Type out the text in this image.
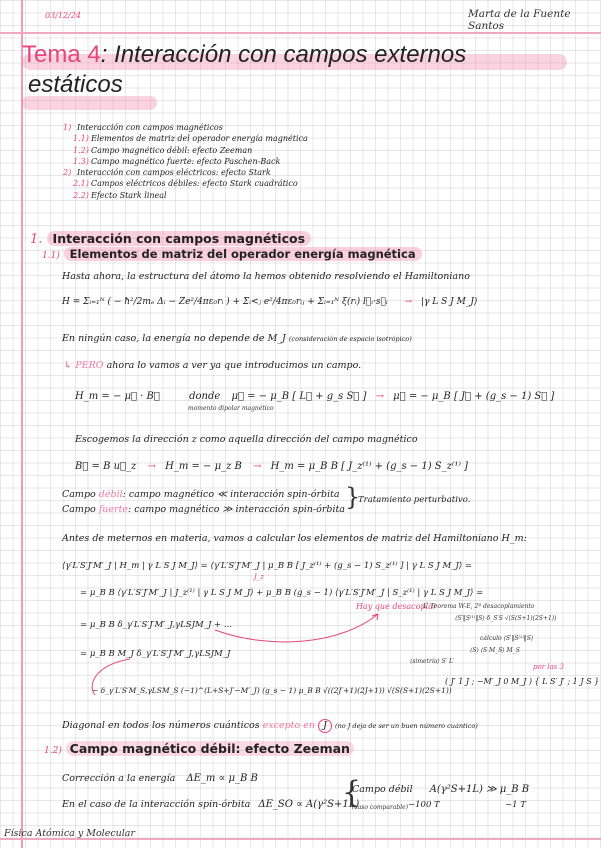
03/12/24	Marta de la Fuente Santos
Tema 4: Interacción con campos externos
estáticos
1) Interacción con campos magnéticos
1.1) Elementos de matriz del operador energía magnética
1.2) Campo magnético débil: efecto Zeeman
1.3) Campo magnético fuerte: efecto Paschen-Back
2) Interacción con campos eléctricos: efecto Stark
2.1) Campos eléctricos débiles: efecto Stark cuadrático
2.2) Efecto Stark lineal
1. Interacción con campos magnéticos
1.1) Elementos de matriz del operador energía magnética
Hasta ahora, la estructura del átomo la hemos obtenido resolviendo el Hamiltoniano
H = Σᵢ₌₁ᴺ ( − ħ²/2mₑ Δᵢ − Ze²/4πε₀rᵢ ) + Σᵢ<ⱼ e²/4πε₀rᵢⱼ + Σᵢ₌₁ᴺ ξ(rᵢ) l⃗ᵢ·s⃗ᵢ → |γ L S J M_J⟩
En ningún caso, la energía no depende de M_J (consideración de espacio isotrópico)
↳ PERO ahora lo vamos a ver ya que introducimos un campo.
H_m = − μ⃗ · B⃗	donde μ⃗ = − μ_B [ L⃗ + g_s S⃗ ] → μ⃗ = − μ_B [ J⃗ + (g_s − 1) S⃗ ]
momento dipolar magnético
Escogemos la dirección z como aquella dirección del campo magnético
B⃗ = B u⃗_z → H_m = − μ_z B → H_m = μ_B B [ J_z⁽¹⁾ + (g_s − 1) S_z⁽¹⁾ ]
Campo débil: campo magnético ≪ interacción spin-órbita
Campo fuerte: campo magnético ≫ interacción spin-órbita }
Tratamiento perturbativo.
Antes de meternos en materia, vamos a calcular los elementos de matriz del Hamiltoniano H_m:
⟨γ′L′S′J′M′_J | H_m | γ L S J M_J⟩ = ⟨γ′L′S′J′M′_J | μ_B B [ J_z⁽¹⁾ + (g_s − 1) S_z⁽¹⁾ ] | γ L S J M_J⟩ =
J_z
= μ_B B ⟨γ′L′S′J′M′_J | J_z⁽¹⁾ | γ L S J M_J⟩ + μ_B B (g_s − 1) ⟨γ′L′S′J′M′_J | S_z⁽¹⁾ | γ L S J M_J⟩ =
Hay que desacoplar
L′ Teorema W-E, 2º desacoplamiento
= μ_B B δ_γ′L′S′J′M′_J,γLSJM_J + ...
= μ_B B M_J δ_γ′L′S′J′M′_J,γLSJM_J
− δ_γ′L′S′M_S,γLSM_S (−1)^(L+S+J′−M′_J) (g_s − 1) μ_B B √((2J′+1)(2J+1)) √(S(S+1)(2S+1))
( J′ 1 J ; −M′_J 0 M_J ) { L S′ J′ ; 1 J S }
⟨S′‖S⁽¹⁾‖S⟩ δ_S′S √(S(S+1)(2S+1))
cálculo ⟨S′‖S⁽¹⁾‖S⟩
⟨S⟩ ⟨S M_S⟩ M_S
⟨simetría⟩ S′ L′
por las 3
Diagonal en todos los números cuánticos excepto en J (no J deja de ser un buen número cuántico)
1.2) Campo magnético débil: efecto Zeeman
Corrección a la energía ΔE_m ∝ μ_B B
En el caso de la interacción spin-órbita ΔE_SO ∝ A(γ²S+1L)
{
Campo débil A(γ²S+1L) ≫ μ_B B
(caso comparable) ~100 T	~1 T
Física Atómica y Molecular
